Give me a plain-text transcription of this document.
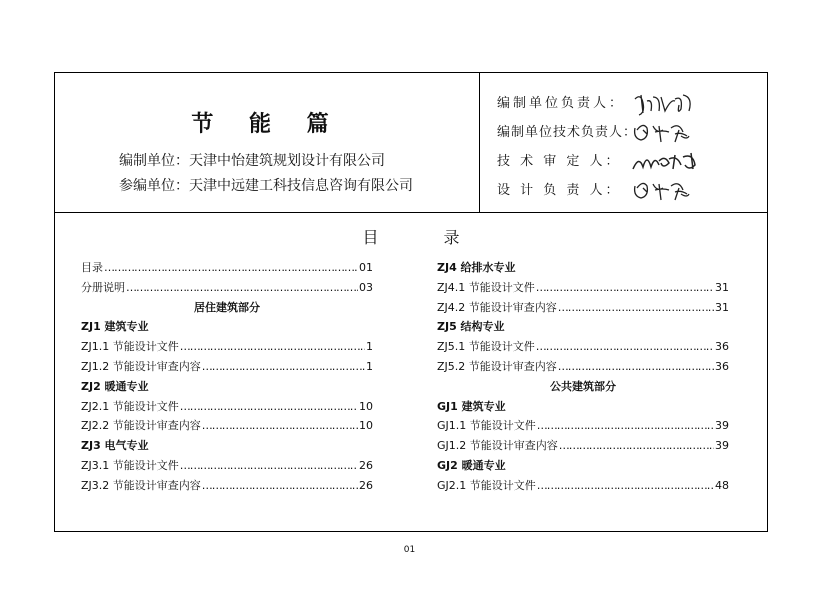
节 能 篇
编制单位：天津中怡建筑规划设计有限公司
参编单位：天津中远建工科技信息咨询有限公司
编制单位负责人：
编制单位技术负责人：
技 术 审 定 人：
设 计 负 责 人：
目 录
目录 ……………………………………………………………………………………………………………………………………………………	01
分册说明 ……………………………………………………………………………………………………………………………………………………	03
居住建筑部分
ZJ1 建筑专业
ZJ1.1 节能设计文件 ……………………………………………………………………………………………………………………………………………………	1
ZJ1.2 节能设计审查内容 ……………………………………………………………………………………………………………………………………………………	1
ZJ2 暖通专业
ZJ2.1 节能设计文件 ……………………………………………………………………………………………………………………………………………………	10
ZJ2.2 节能设计审查内容 ……………………………………………………………………………………………………………………………………………………	10
ZJ3 电气专业
ZJ3.1 节能设计文件 ……………………………………………………………………………………………………………………………………………………	26
ZJ3.2 节能设计审查内容 ……………………………………………………………………………………………………………………………………………………	26
ZJ4 给排水专业
ZJ4.1 节能设计文件 ……………………………………………………………………………………………………………………………………………………	31
ZJ4.2 节能设计审查内容 ……………………………………………………………………………………………………………………………………………………	31
ZJ5 结构专业
ZJ5.1 节能设计文件 ……………………………………………………………………………………………………………………………………………………	36
ZJ5.2 节能设计审查内容 ……………………………………………………………………………………………………………………………………………………	36
公共建筑部分
GJ1 建筑专业
GJ1.1 节能设计文件 ……………………………………………………………………………………………………………………………………………………	39
GJ1.2 节能设计审查内容 ……………………………………………………………………………………………………………………………………………………	39
GJ2 暖通专业
GJ2.1 节能设计文件 ……………………………………………………………………………………………………………………………………………………	48
01
